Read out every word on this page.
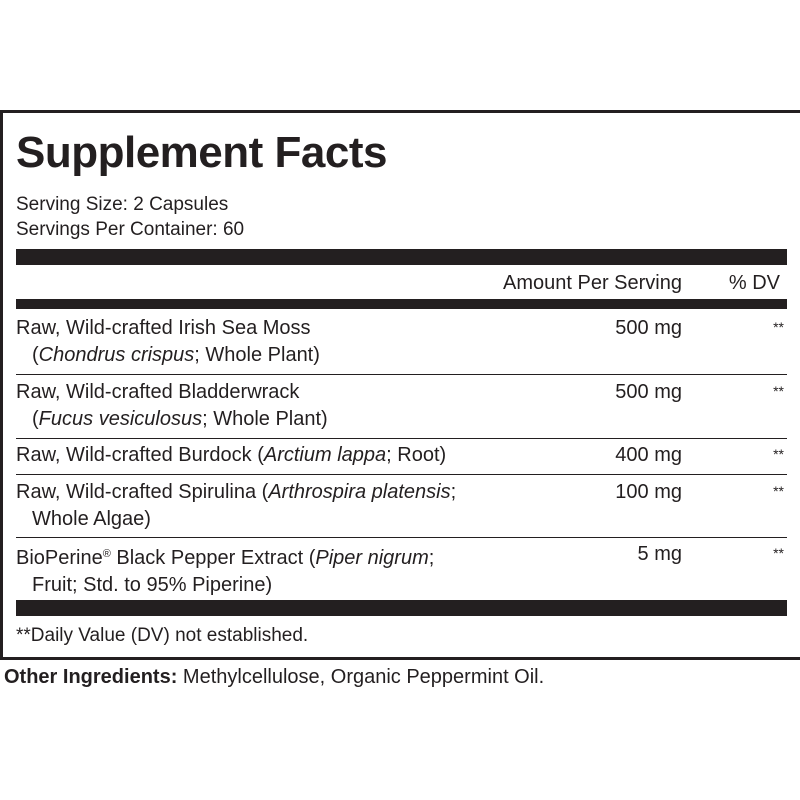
Supplement Facts
Serving Size: 2 Capsules
Servings Per Container: 60
Amount Per Serving % DV
Raw, Wild-crafted Irish Sea Moss
(Chondrus crispus; Whole Plant)
500 mg	**
Raw, Wild-crafted Bladderwrack
(Fucus vesiculosus; Whole Plant)
500 mg	**
Raw, Wild-crafted Burdock (Arctium lappa; Root)	400 mg	**
Raw, Wild-crafted Spirulina (Arthrospira platensis;
Whole Algae)
100 mg	**
BioPerine® Black Pepper Extract (Piper nigrum;
Fruit; Std. to 95% Piperine)
5 mg	**
**Daily Value (DV) not established.
Other Ingredients: Methylcellulose, Organic Peppermint Oil.
